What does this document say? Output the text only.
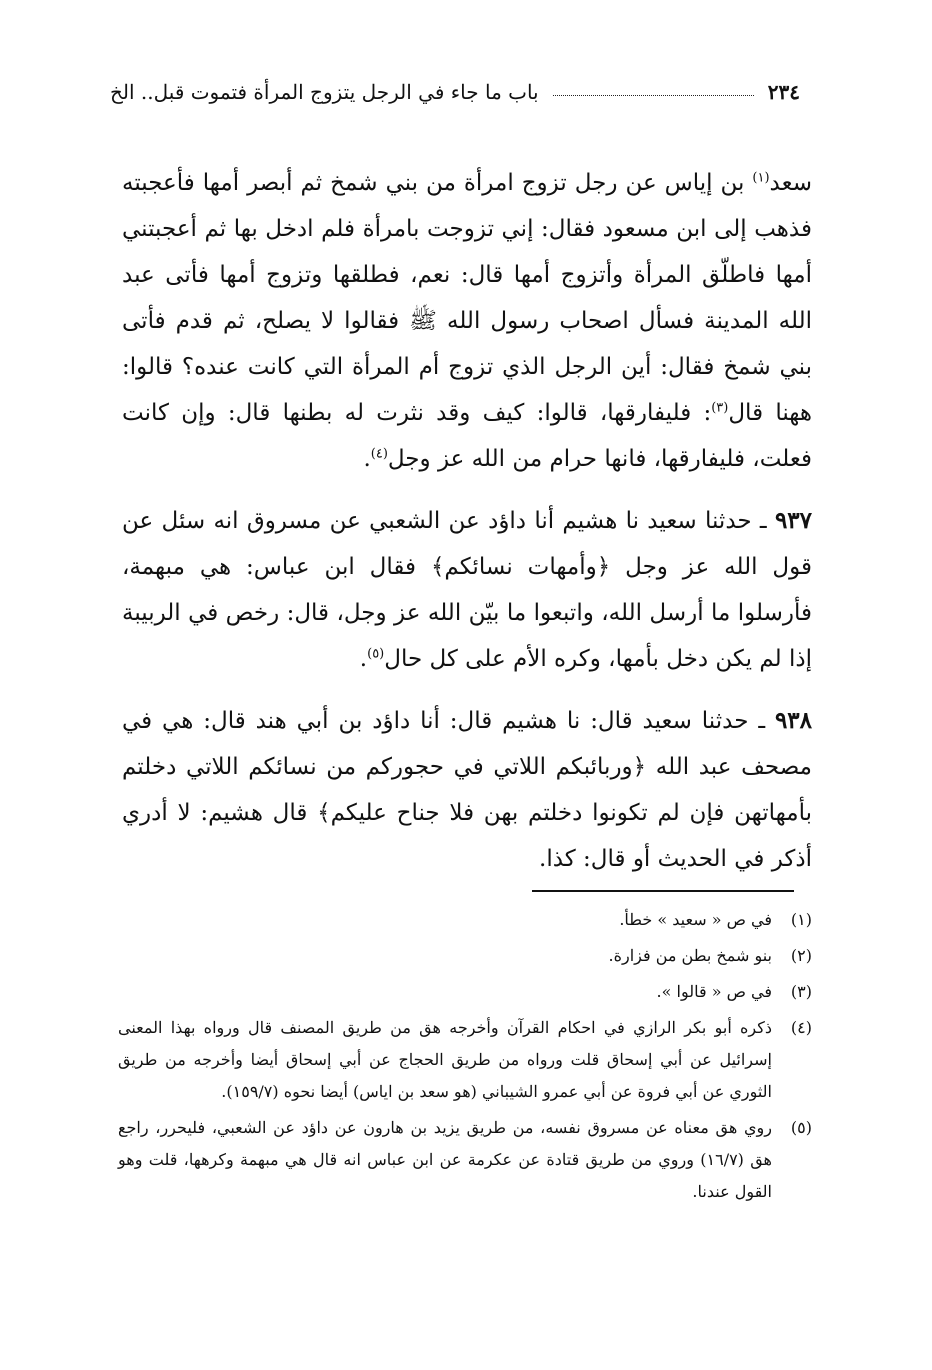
٢٣٤
باب ما جاء في الرجل يتزوج المرأة فتموت قبل.. الخ

سعد$^{(١)}$ بن إياس عن رجل تزوج امرأة من بني شمخ ثم أبصر أمها فأعجبته فذهب إلى ابن مسعود فقال: إني تزوجت بامرأة فلم ادخل بها ثم أعجبتني أمها فاطلّق المرأة وأتزوج أمها قال: نعم، فطلقها وتزوج أمها فأتى عبد الله المدينة فسأل اصحاب رسول الله ﷺ فقالوا لا يصلح، ثم قدم فأتى بني شمخ فقال: أين الرجل الذي تزوج أم المرأة التي كانت عنده؟ قالوا: ههنا قال$^{(٣)}$: فليفارقها، قالوا: كيف وقد نثرت له بطنها قال: وإن كانت فعلت، فليفارقها، فانها حرام من الله عز وجل$^{(٤)}$.

٩٣٧ ـ حدثنا سعيد نا هشيم أنا داؤد عن الشعبي عن مسروق انه سئل عن قول الله عز وجل ﴿وأمهات نسائكم﴾ فقال ابن عباس: هي مبهمة، فأرسلوا ما أرسل الله، واتبعوا ما بيّن الله عز وجل، قال: رخص في الربيبة إذا لم يكن دخل بأمها، وكره الأم على كل حال$^{(٥)}$.

٩٣٨ ـ حدثنا سعيد قال: نا هشيم قال: أنا داؤد بن أبي هند قال: هي في مصحف عبد الله ﴿وربائبكم اللاتي في حجوركم من نسائكم اللاتي دخلتم بأمهاتهن فإن لم تكونوا دخلتم بهن فلا جناح عليكم﴾ قال هشيم: لا أدري أذكر في الحديث أو قال: كذا.

(١)
في ص « سعيد » خطأ.
(٢)
بنو شمخ بطن من فزارة.
(٣)
في ص « قالوا ».
(٤)
ذكره أبو بكر الرازي في احكام القرآن وأخرجه هق من طريق المصنف قال ورواه بهذا المعنى إسرائيل عن أبي إسحاق قلت ورواه من طريق الحجاج عن أبي إسحاق أيضا وأخرجه من طريق الثوري عن أبي فروة عن أبي عمرو الشيباني (هو سعد بن اياس) أيضا نحوه (١٥٩/٧).
(٥)
روي هق معناه عن مسروق نفسه، من طريق يزيد بن هارون عن داؤد عن الشعبي، فليحرر، راجع هق (١٦/٧) وروي من طريق قتادة عن عكرمة عن ابن عباس انه قال هي مبهمة وكرهها، قلت وهو القول عندنا.
